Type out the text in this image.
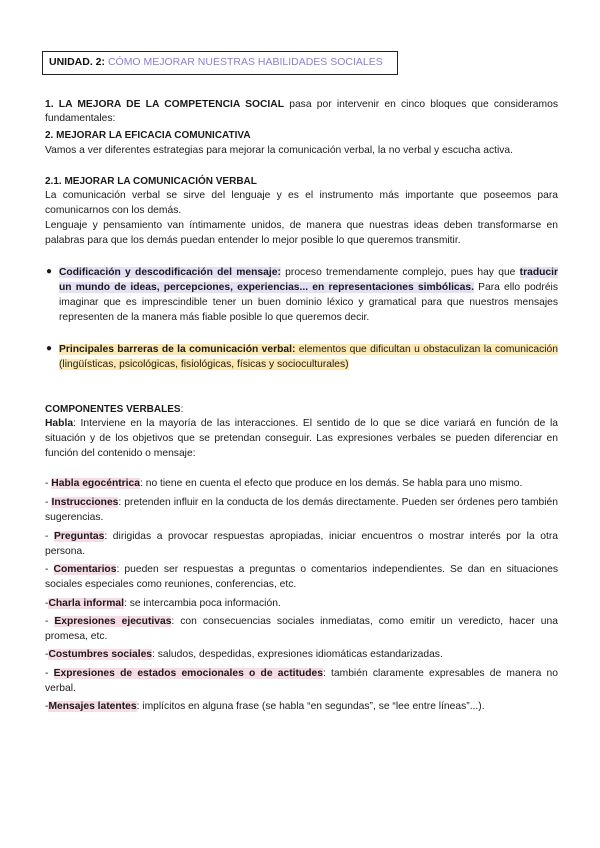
UNIDAD. 2: CÓMO MEJORAR NUESTRAS HABILIDADES SOCIALES
1. LA MEJORA DE LA COMPETENCIA SOCIAL pasa por intervenir en cinco bloques que consideramos fundamentales:
2. MEJORAR LA EFICACIA COMUNICATIVA
Vamos a ver diferentes estrategias para mejorar la comunicación verbal, la no verbal y escucha activa.
2.1. MEJORAR LA COMUNICACIÓN VERBAL
La comunicación verbal se sirve del lenguaje y es el instrumento más importante que poseemos para comunicarnos con los demás.
Lenguaje y pensamiento van íntimamente unidos, de manera que nuestras ideas deben transformarse en palabras para que los demás puedan entender lo mejor posible lo que queremos transmitir.
● Codificación y descodificación del mensaje: proceso tremendamente complejo, pues hay que traducir un mundo de ideas, percepciones, experiencias... en representaciones simbólicas. Para ello podréis imaginar que es imprescindible tener un buen dominio léxico y gramatical para que nuestros mensajes representen de la manera más fiable posible lo que queremos decir.
● Principales barreras de la comunicación verbal: elementos que dificultan u obstaculizan la comunicación (lingüísticas, psicológicas, fisiológicas, físicas y socioculturales)
COMPONENTES VERBALES:
Habla: Interviene en la mayoría de las interacciones. El sentido de lo que se dice variará en función de la situación y de los objetivos que se pretendan conseguir. Las expresiones verbales se pueden diferenciar en función del contenido o mensaje:
- Habla egocéntrica: no tiene en cuenta el efecto que produce en los demás. Se habla para uno mismo.
- Instrucciones: pretenden influir en la conducta de los demás directamente. Pueden ser órdenes pero también sugerencias.
- Preguntas: dirigidas a provocar respuestas apropiadas, iniciar encuentros o mostrar interés por la otra persona.
- Comentarios: pueden ser respuestas a preguntas o comentarios independientes. Se dan en situaciones sociales especiales como reuniones, conferencias, etc.
-Charla informal: se intercambia poca información.
- Expresiones ejecutivas: con consecuencias sociales inmediatas, como emitir un veredicto, hacer una promesa, etc.
-Costumbres sociales: saludos, despedidas, expresiones idiomáticas estandarizadas.
- Expresiones de estados emocionales o de actitudes: también claramente expresables de manera no verbal.
-Mensajes latentes: implícitos en alguna frase (se habla “en segundas”, se “lee entre líneas”...).
